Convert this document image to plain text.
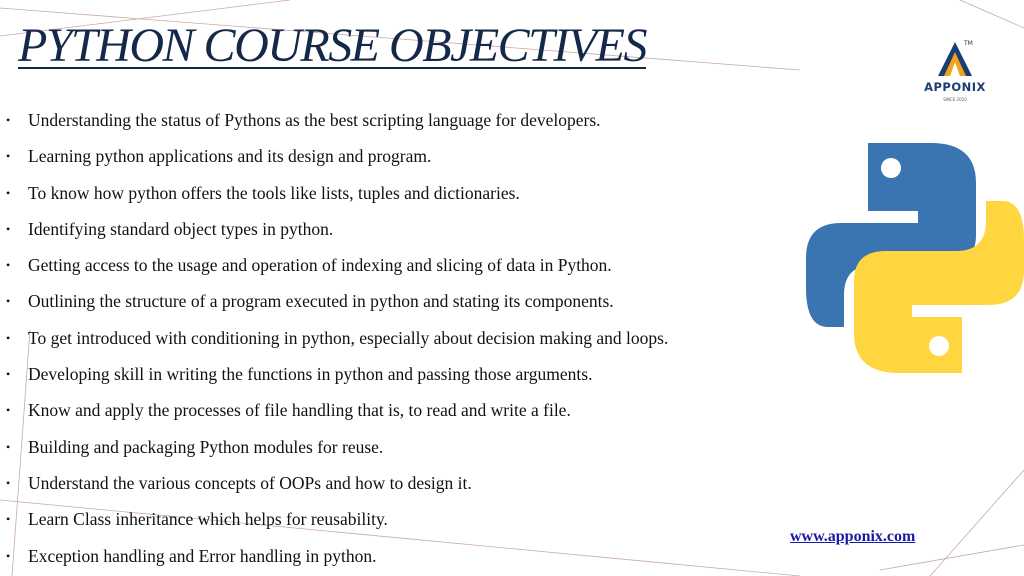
PYTHON COURSE OBJECTIVES	TM
APPONIX
SINCE 2010
• Understanding the status of Pythons as the best scripting language for developers.
• Learning python applications and its design and program.
• To know how python offers the tools like lists, tuples and dictionaries.
• Identifying standard object types in python.
• Getting access to the usage and operation of indexing and slicing of data in Python.
• Outlining the structure of a program executed in python and stating its components.
• To get introduced with conditioning in python, especially about decision making and loops.
• Developing skill in writing the functions in python and passing those arguments.
• Know and apply the processes of file handling that is, to read and write a file.
• Building and packaging Python modules for reuse.
• Understand the various concepts of OOPs and how to design it.
• Learn Class inheritance which helps for reusability.
• Exception handling and Error handling in python.
www.apponix.com
